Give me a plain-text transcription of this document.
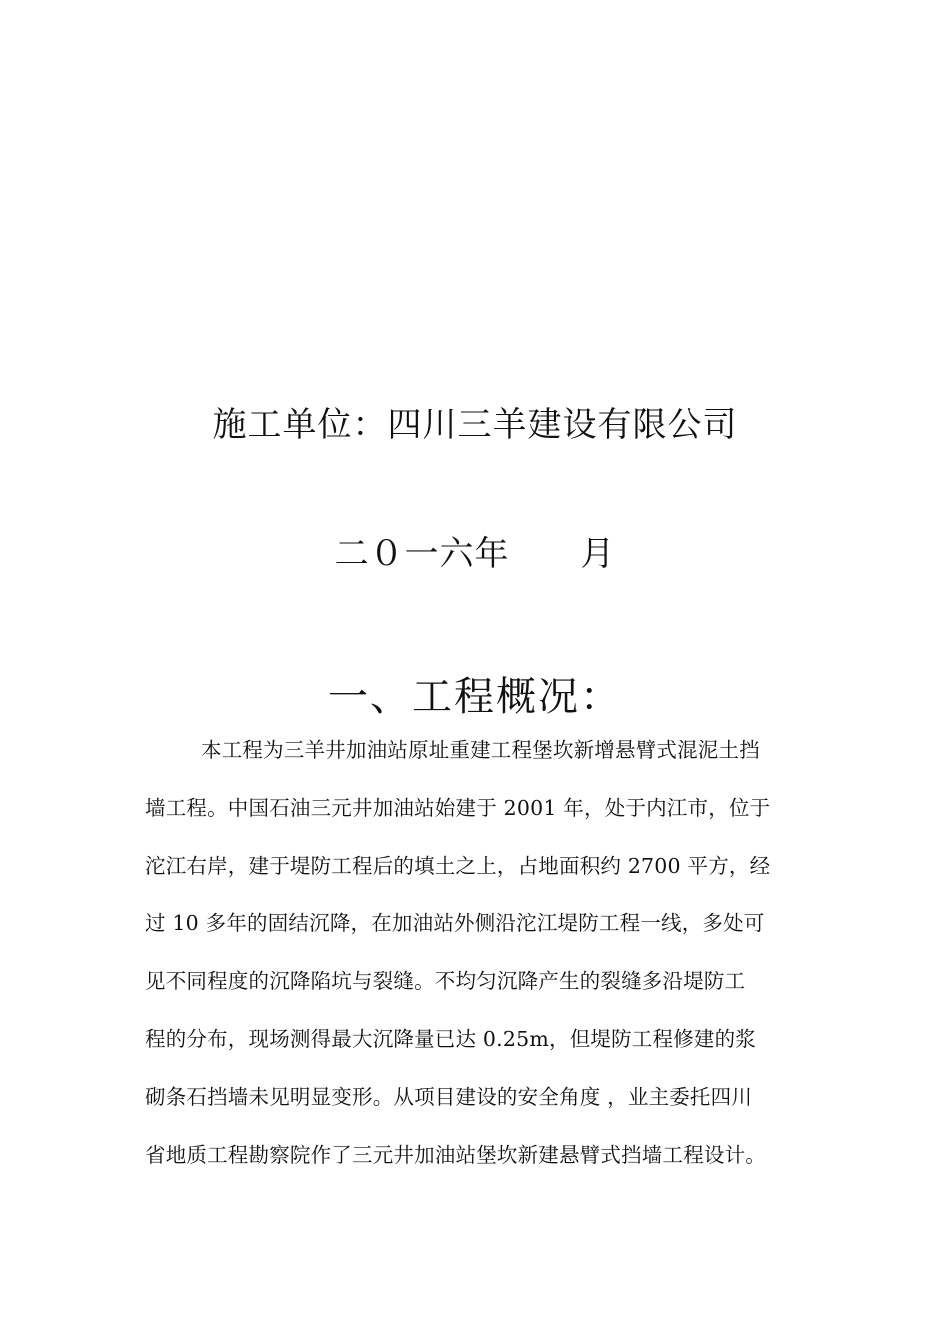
施工单位：四川三羊建设有限公司
二０一六年      月
一、工程概况：
本工程为三羊井加油站原址重建工程堡坎新增悬臂式混泥土挡
墙工程。中国石油三元井加油站始建于 2001 年，处于内江市，位于
沱江右岸，建于堤防工程后的填土之上，占地面积约 2700 平方，经
过 10 多年的固结沉降，在加油站外侧沿沱江堤防工程一线，多处可
见不同程度的沉降陷坑与裂缝。不均匀沉降产生的裂缝多沿堤防工
程的分布，现场测得最大沉降量已达 0.25m，但堤防工程修建的浆
砌条石挡墙未见明显变形。从项目建设的安全角度 ，业主委托四川
省地质工程勘察院作了三元井加油站堡坎新建悬臂式挡墙工程设计。
